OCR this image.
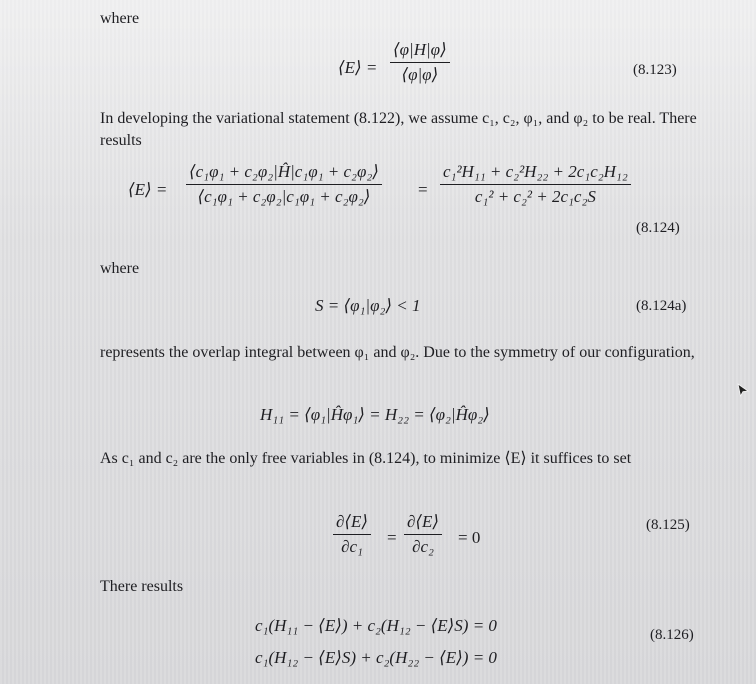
where
⟨E⟩ = $\frac{⟨\varphi|H|\varphi⟩}{⟨\varphi|\varphi⟩}$	(8.123)
In developing the variational statement (8.122), we assume c₁, c₂, φ₁, and φ₂ to be real. There results
⟨E⟩ = $\frac{\text{⟨c₁φ₁ + c₂φ₂|Ĥ|c₁φ₁ + c₂φ₂⟩}}{\text{⟨c₁φ₁ + c₂φ₂|c₁φ₁ + c₂φ₂⟩}} = \frac{\text{c₁²H₁₁ + c₂²H₂₂ + 2c₁c₂H₁₂}}{\text{c₁² + c₂² + 2c₁c₂S}}$
(8.124)
where
S = ⟨φ₁|φ₂⟩ < 1	(8.124a)
represents the overlap integral between φ₁ and φ₂. Due to the symmetry of our configuration,
H₁₁ = ⟨φ₁|Ĥφ₁⟩ = H₂₂ = ⟨φ₂|Ĥφ₂⟩
As c₁ and c₂ are the only free variables in (8.124), to minimize ⟨E⟩ it suffices to set
$\frac{\partial⟨E⟩}{\text{∂c₁}} = \frac{\partial⟨E⟩}{\text{∂c₂}} = 0$
(8.125)
There results
c₁(H₁₁ − ⟨E⟩) + c₂(H₁₂ − ⟨E⟩S) = 0
c₁(H₁₂ − ⟨E⟩S) + c₂(H₂₂ − ⟨E⟩) = 0
(8.126)
